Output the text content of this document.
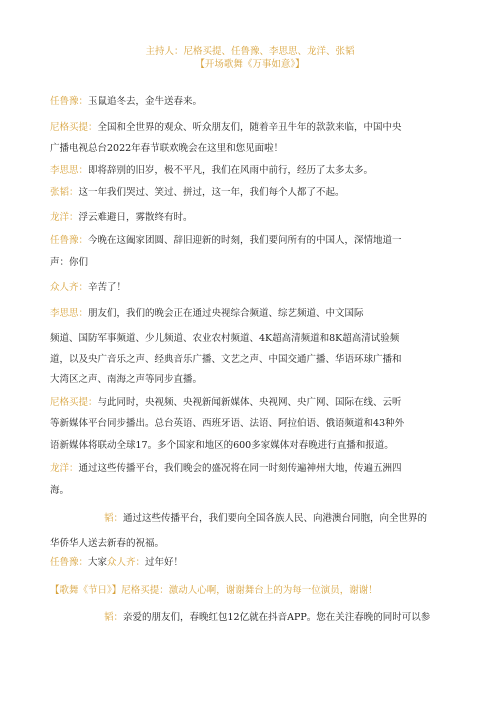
主持人：尼格买提、任鲁豫、李思思、龙洋、张韬
【开场歌舞《万事如意》】
任鲁豫：玉鼠追冬去，金牛送春来。
尼格买提：全国和全世界的观众、听众朋友们，随着辛丑牛年的款款来临，中国中央
广播电视总台2022年春节联欢晚会在这里和您见面啦！
李思思：即将辞别的旧岁，极不平凡，我们在风雨中前行，经历了太多太多。
张韬：这一年我们哭过、笑过、拼过，这一年，我们每个人都了不起。
龙洋：浮云难避日，雾散终有时。
任鲁豫：今晚在这阖家团圆、辞旧迎新的时刻，我们要问所有的中国人，深情地道一
声：你们
众人齐：辛苦了！
李思思：朋友们，我们的晚会正在通过央视综合频道、综艺频道、中文国际
频道、国防军事频道、少儿频道、农业农村频道、4K超高清频道和8K超高清试验频
道，以及央广音乐之声、经典音乐广播、文艺之声、中国交通广播、华语环球广播和
大湾区之声、南海之声等同步直播。
尼格买提：与此同时，央视频、央视新闻新媒体、央视网、央广网、国际在线、云听
等新媒体平台同步播出。总台英语、西班牙语、法语、阿拉伯语、俄语频道和43种外
语新媒体将联动全球17。多个国家和地区的600多家媒体对春晚进行直播和报道。
龙洋：通过这些传播平台，我们晚会的盛况将在同一时刻传遍神州大地，传遍五洲四
海。
韬：通过这些传播平台，我们要向全国各族人民、向港澳台同胞，向全世界的
华侨华人送去新春的祝福。
任鲁豫：大家众人齐：过年好！
【歌舞《节日》】尼格买提：激动人心啊，谢谢舞台上的为每一位演员，谢谢！
韬：亲爱的朋友们，春晚红包12亿就在抖音APP。您在关注春晚的同时可以参
